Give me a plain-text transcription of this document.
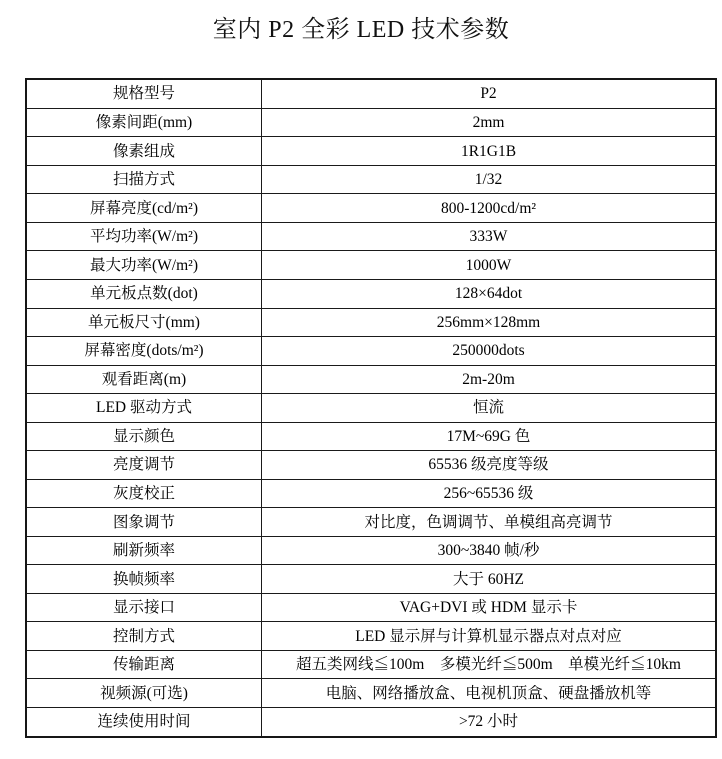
室内 P2 全彩 LED 技术参数
规格型号	P2
像素间距(mm)	2mm
像素组成	1R1G1B
扫描方式	1/32
屏幕亮度(cd/m²)	800-1200cd/m²
平均功率(W/m²)	333W
最大功率(W/m²)	1000W
单元板点数(dot)	128×64dot
单元板尺寸(mm)	256mm×128mm
屏幕密度(dots/m²)	250000dots
观看距离(m)	2m-20m
LED 驱动方式	恒流
显示颜色	17M~69G 色
亮度调节	65536 级亮度等级
灰度校正	256~65536 级
图象调节	对比度，色调调节、单模组高亮调节
刷新频率	300~3840 帧/秒
换帧频率	大于 60HZ
显示接口	VAG+DVI 或 HDM 显示卡
控制方式	LED 显示屏与计算机显示器点对点对应
传输距离	超五类网线≦100m　多模光纤≦500m　单模光纤≦10km
视频源(可选)	电脑、网络播放盒、电视机顶盒、硬盘播放机等
连续使用时间	>72 小时
